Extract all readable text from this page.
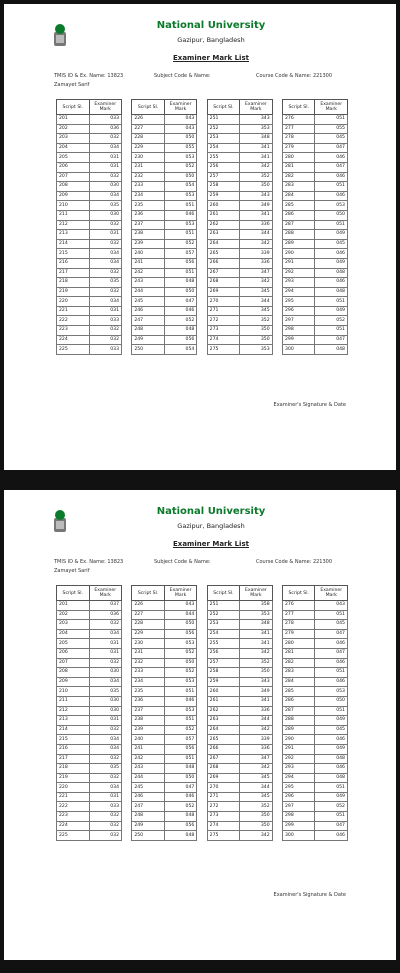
National University
Gazipur, Bangladesh
Examiner Mark List
TMIS ID & Ex. Name: 13823	Subject Code & Name:	Course Code & Name: 221300
Zamayet Sarif
Script Sl.	Examiner Mark
201	033
202	036
203	032
204	034
205	031
206	031
207	032
208	030
209	034
210	035
211	030
212	032
213	031
214	032
215	034
216	034
217	032
218	035
219	032
220	034
221	031
222	033
223	032
224	032
225	033
Script Sl.	Examiner Mark
226	043
227	043
228	050
229	055
230	053
231	052
232	050
233	054
234	053
235	051
236	046
237	053
238	051
239	052
240	057
241	056
242	051
243	048
244	050
245	047
246	046
247	052
248	048
249	056
250	054
Script Sl.	Examiner Mark
251	343
252	353
253	348
254	341
255	341
256	342
257	352
258	350
259	343
260	349
261	341
262	336
263	344
264	342
265	339
266	336
267	347
268	342
269	345
270	344
271	345
272	352
273	350
274	350
275	353
Script Sl.	Examiner Mark
276	051
277	055
278	045
279	047
280	046
281	047
282	046
283	051
284	046
285	053
286	050
287	051
288	049
289	045
290	046
291	049
292	048
293	046
294	048
295	051
296	049
297	052
298	051
299	047
300	048
Examiner's Signature & Date
National University
Gazipur, Bangladesh
Examiner Mark List
TMIS ID & Ex. Name: 13823	Subject Code & Name:	Course Code & Name: 221300
Zamayet Sarif
Script Sl.	Examiner Mark
201	037
202	036
203	032
204	034
205	031
206	031
207	032
208	030
209	034
210	035
211	030
212	030
213	031
214	032
215	034
216	034
217	032
218	035
219	032
220	034
221	031
222	033
223	032
224	032
225	032
Script Sl.	Examiner Mark
226	043
227	044
228	050
229	056
230	053
231	052
232	050
233	052
234	053
235	051
236	046
237	053
238	051
239	052
240	057
241	056
242	051
243	048
244	050
245	047
246	046
247	052
248	048
249	056
250	048
Script Sl.	Examiner Mark
251	358
252	353
253	348
254	341
255	341
256	342
257	352
258	350
259	343
260	349
261	341
262	336
263	344
264	342
265	339
266	336
267	347
268	342
269	345
270	344
271	345
272	352
273	350
274	350
275	342
Script Sl.	Examiner Mark
276	043
277	051
278	045
279	047
280	046
281	047
282	046
283	051
284	046
285	053
286	050
287	051
288	049
289	045
290	046
291	049
292	048
293	046
294	048
295	051
296	049
297	052
298	051
299	047
300	046
Examiner's Signature & Date
